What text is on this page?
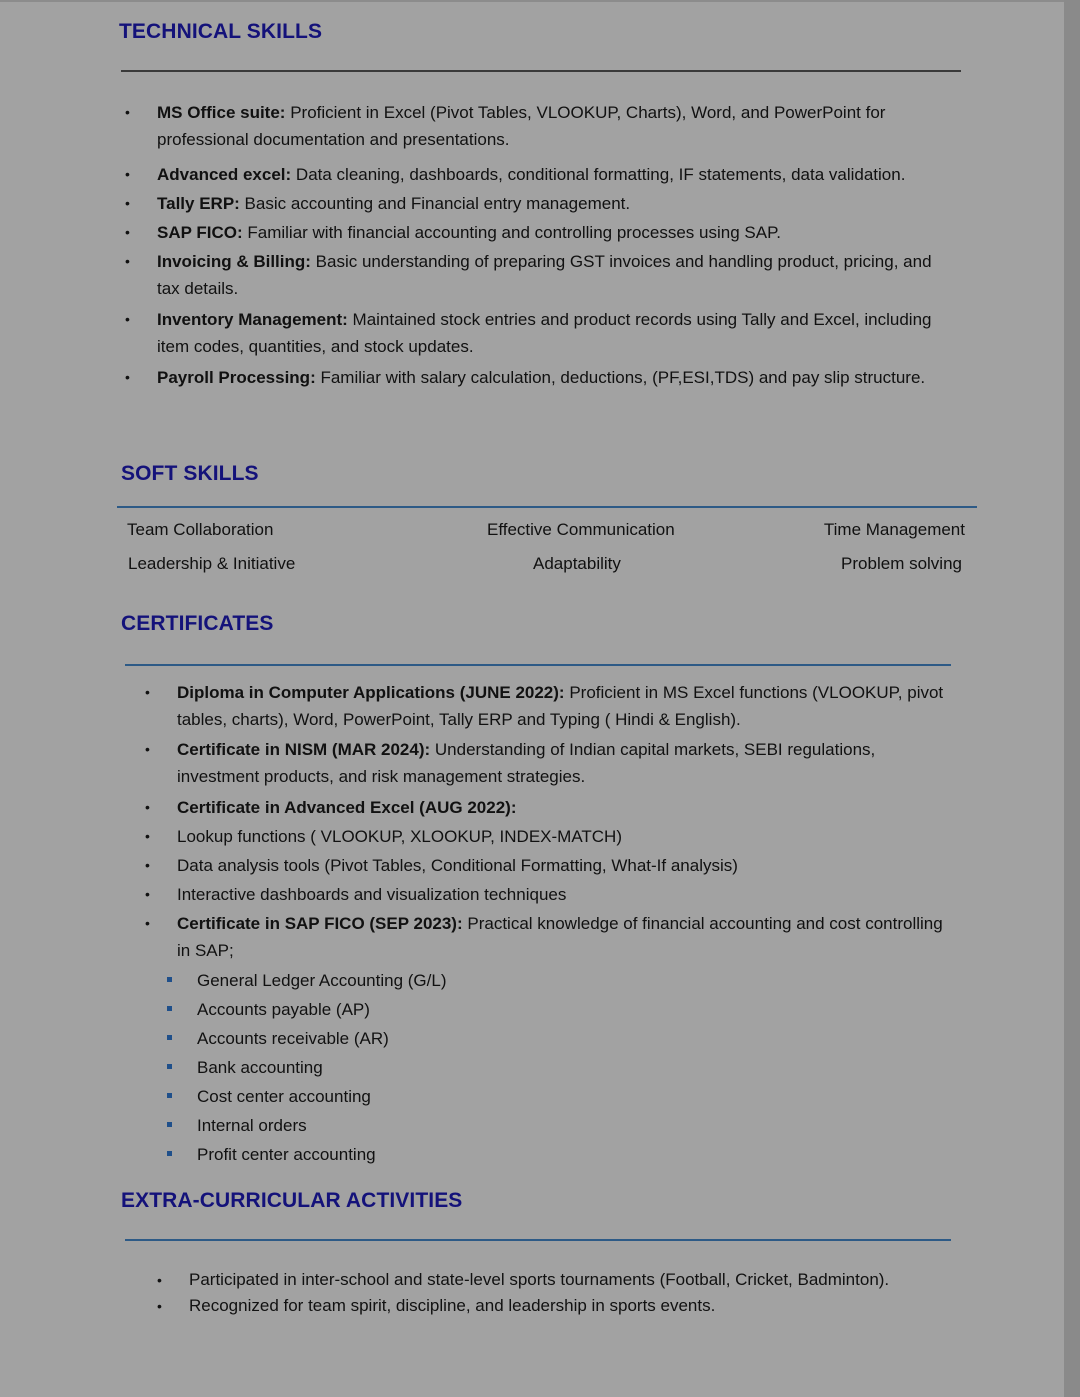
TECHNICAL SKILLS
• MS Office suite: Proficient in Excel (Pivot Tables, VLOOKUP, Charts), Word, and PowerPoint for professional documentation and presentations.
• Advanced excel: Data cleaning, dashboards, conditional formatting, IF statements, data validation.
• Tally ERP: Basic accounting and Financial entry management.
• SAP FICO: Familiar with financial accounting and controlling processes using SAP.
• Invoicing & Billing: Basic understanding of preparing GST invoices and handling product, pricing, and tax details.
• Inventory Management: Maintained stock entries and product records using Tally and Excel, including item codes, quantities, and stock updates.
• Payroll Processing: Familiar with salary calculation, deductions, (PF,ESI,TDS) and pay slip structure.
SOFT SKILLS
Team Collaboration	Effective Communication	Time Management
Leadership & Initiative	Adaptability	Problem solving
CERTIFICATES
• Diploma in Computer Applications (JUNE 2022): Proficient in MS Excel functions (VLOOKUP, pivot tables, charts), Word, PowerPoint, Tally ERP and Typing ( Hindi & English).
• Certificate in NISM (MAR 2024): Understanding of Indian capital markets, SEBI regulations, investment products, and risk management strategies.
• Certificate in Advanced Excel (AUG 2022):
• Lookup functions ( VLOOKUP, XLOOKUP, INDEX-MATCH)
• Data analysis tools (Pivot Tables, Conditional Formatting, What-If analysis)
• Interactive dashboards and visualization techniques
• Certificate in SAP FICO (SEP 2023): Practical knowledge of financial accounting and cost controlling in SAP;
General Ledger Accounting (G/L)
Accounts payable (AP)
Accounts receivable (AR)
Bank accounting
Cost center accounting
Internal orders
Profit center accounting
EXTRA-CURRICULAR ACTIVITIES
• Participated in inter-school and state-level sports tournaments (Football, Cricket, Badminton).
• Recognized for team spirit, discipline, and leadership in sports events.
